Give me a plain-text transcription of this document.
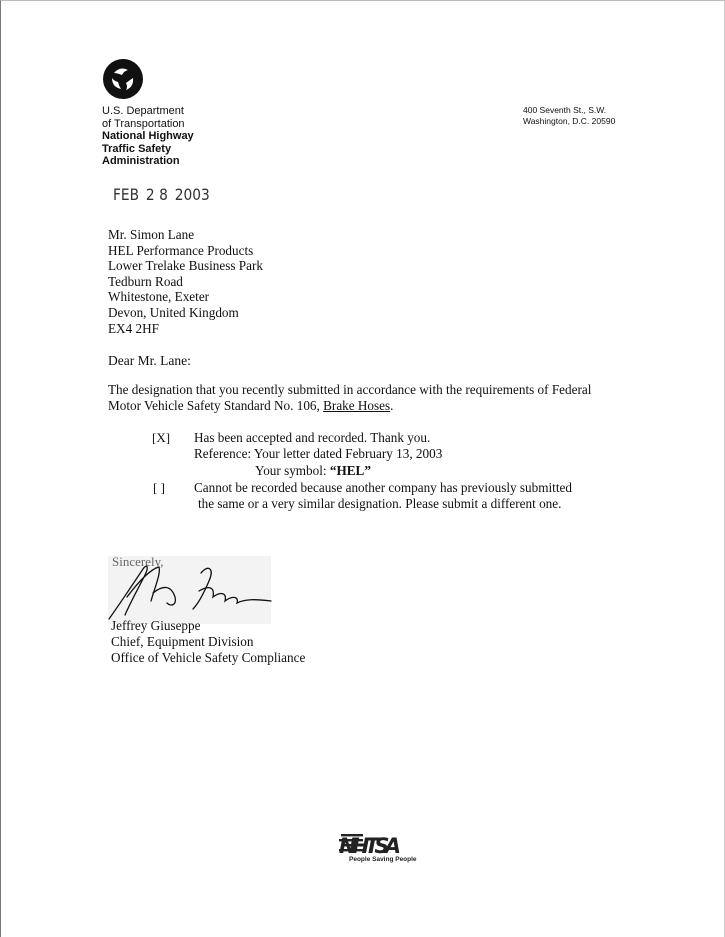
U.S. Department
of Transportation
National Highway
Traffic Safety
Administration
400 Seventh St., S.W.
Washington, D.C. 20590
FEB 2 8 2003
Mr. Simon Lane
HEL Performance Products
Lower Trelake Business Park
Tedburn Road
Whitestone, Exeter
Devon, United Kingdom
EX4 2HF
Dear Mr. Lane:
The designation that you recently submitted in accordance with the requirements of Federal
Motor Vehicle Safety Standard No. 106, Brake Hoses.
[X] Has been accepted and recorded. Thank you.
Reference: Your letter dated February 13, 2003
Your symbol: “HEL”
[ ] Cannot be recorded because another company has previously submitted
the same or a very similar designation. Please submit a different one.
Sincerely,
Jeffrey Giuseppe
Chief, Equipment Division
Office of Vehicle Safety Compliance
NHTSA
People Saving People
